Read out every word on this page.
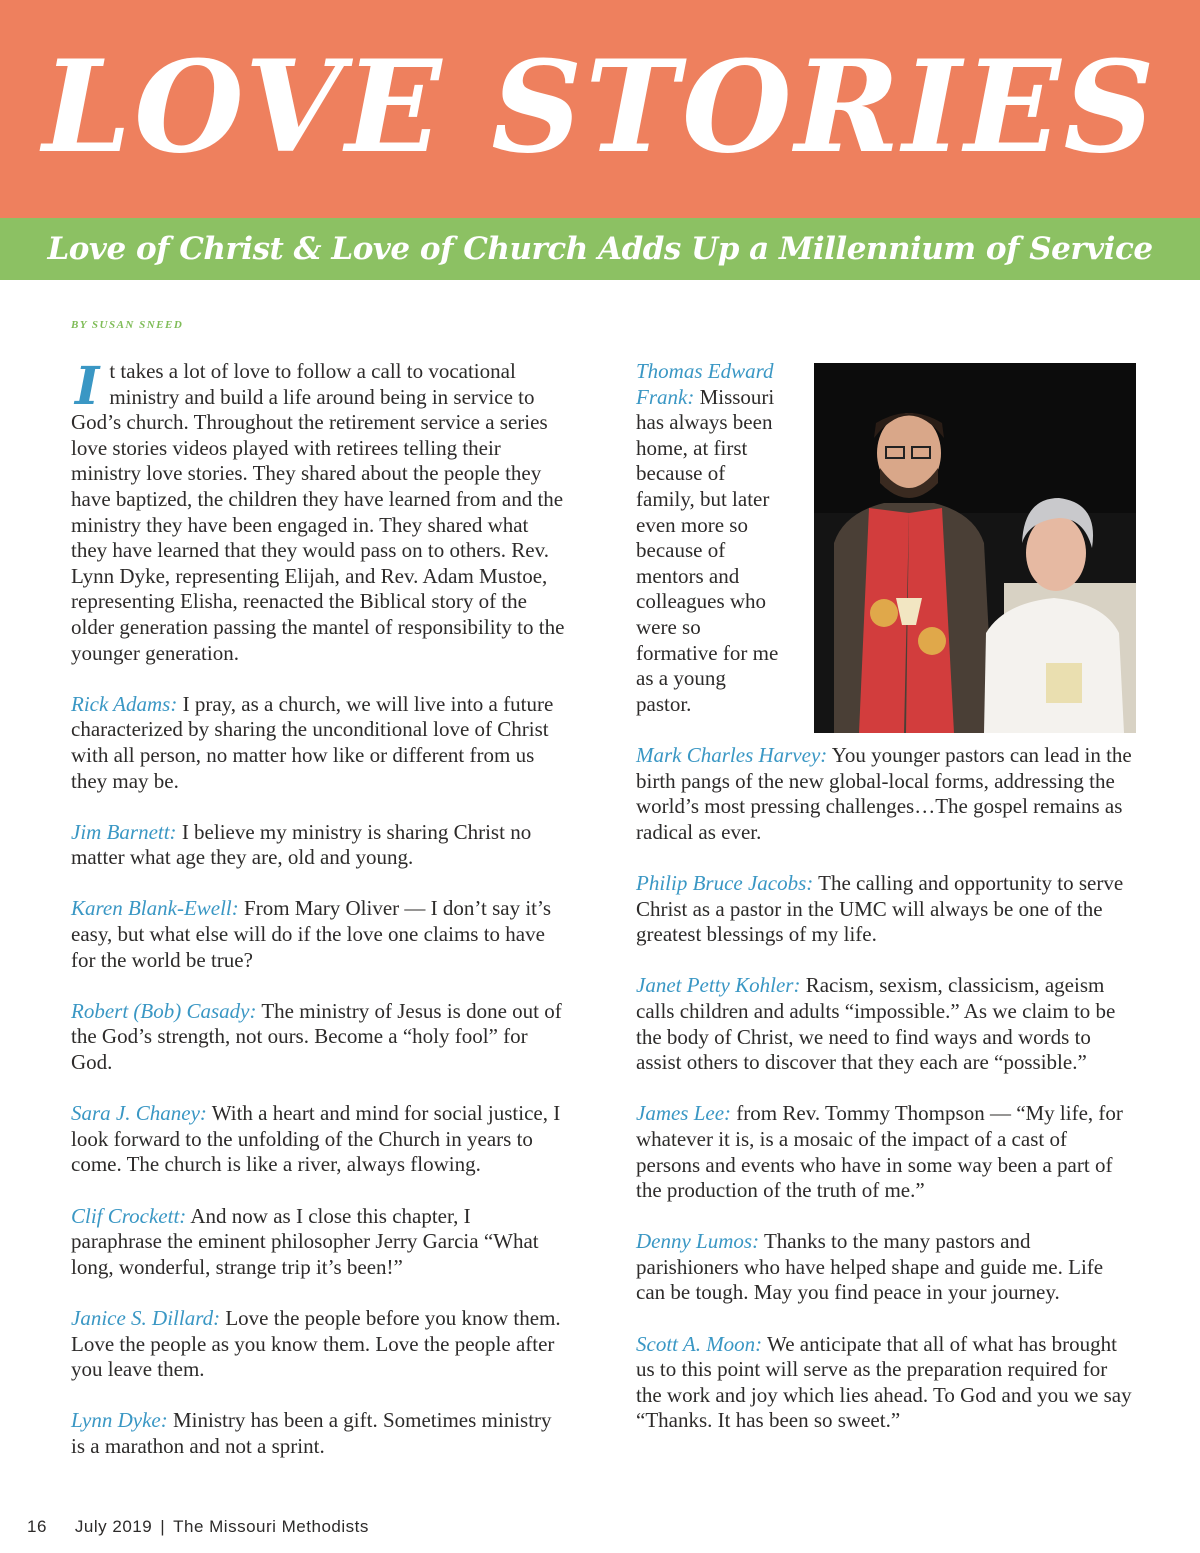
LOVE STORIES
Love of Christ & Love of Church Adds Up a Millennium of Service
BY SUSAN SNEED

It takes a lot of love to follow a call to vocational ministry and build a life around being in service to God’s church. Throughout the retirement service a series love stories videos played with retirees telling their ministry love stories. They shared about the people they have baptized, the children they have learned from and the ministry they have been engaged in. They shared what they have learned that they would pass on to others. Rev. Lynn Dyke, representing Elijah, and Rev. Adam Mustoe, representing Elisha, reenacted the Biblical story of the older generation passing the mantel of responsibility to the younger generation.

Rick Adams: I pray, as a church, we will live into a future characterized by sharing the unconditional love of Christ with all person, no matter how like or different from us they may be.

Jim Barnett: I believe my ministry is sharing Christ no matter what age they are, old and young.

Karen Blank-Ewell: From Mary Oliver — I don’t say it’s easy, but what else will do if the love one claims to have for the world be true?

Robert (Bob) Casady: The ministry of Jesus is done out of the God’s strength, not ours. Become a “holy fool” for God.

Sara J. Chaney: With a heart and mind for social justice, I look forward to the unfolding of the Church in years to come. The church is like a river, always flowing.

Clif Crockett: And now as I close this chapter, I paraphrase the eminent philosopher Jerry Garcia “What long, wonderful, strange trip it’s been!”

Janice S. Dillard: Love the people before you know them. Love the people as you know them. Love the people after you leave them.

Lynn Dyke: Ministry has been a gift. Sometimes ministry is a marathon and not a sprint.

Thomas Edward Frank: Missouri has always been home, at first because of family, but later even more so because of mentors and colleagues who were so formative for me as a young pastor.

Mark Charles Harvey: You younger pastors can lead in the birth pangs of the new global-local forms, addressing the world’s most pressing challenges…The gospel remains as radical as ever.

Philip Bruce Jacobs: The calling and opportunity to serve Christ as a pastor in the UMC will always be one of the greatest blessings of my life.

Janet Petty Kohler: Racism, sexism, classicism, ageism calls children and adults “impossible.” As we claim to be the body of Christ, we need to find ways and words to assist others to discover that they each are “possible.”

James Lee: from Rev. Tommy Thompson — “My life, for whatever it is, is a mosaic of the impact of a cast of persons and events who have in some way been a part of the production of the truth of me.”

Denny Lumos: Thanks to the many pastors and parishioners who have helped shape and guide me. Life can be tough. May you find peace in your journey.

Scott A. Moon: We anticipate that all of what has brought us to this point will serve as the preparation required for the work and joy which lies ahead. To God and you we say “Thanks. It has been so sweet.”

16 July 2019 | The Missouri Methodists
